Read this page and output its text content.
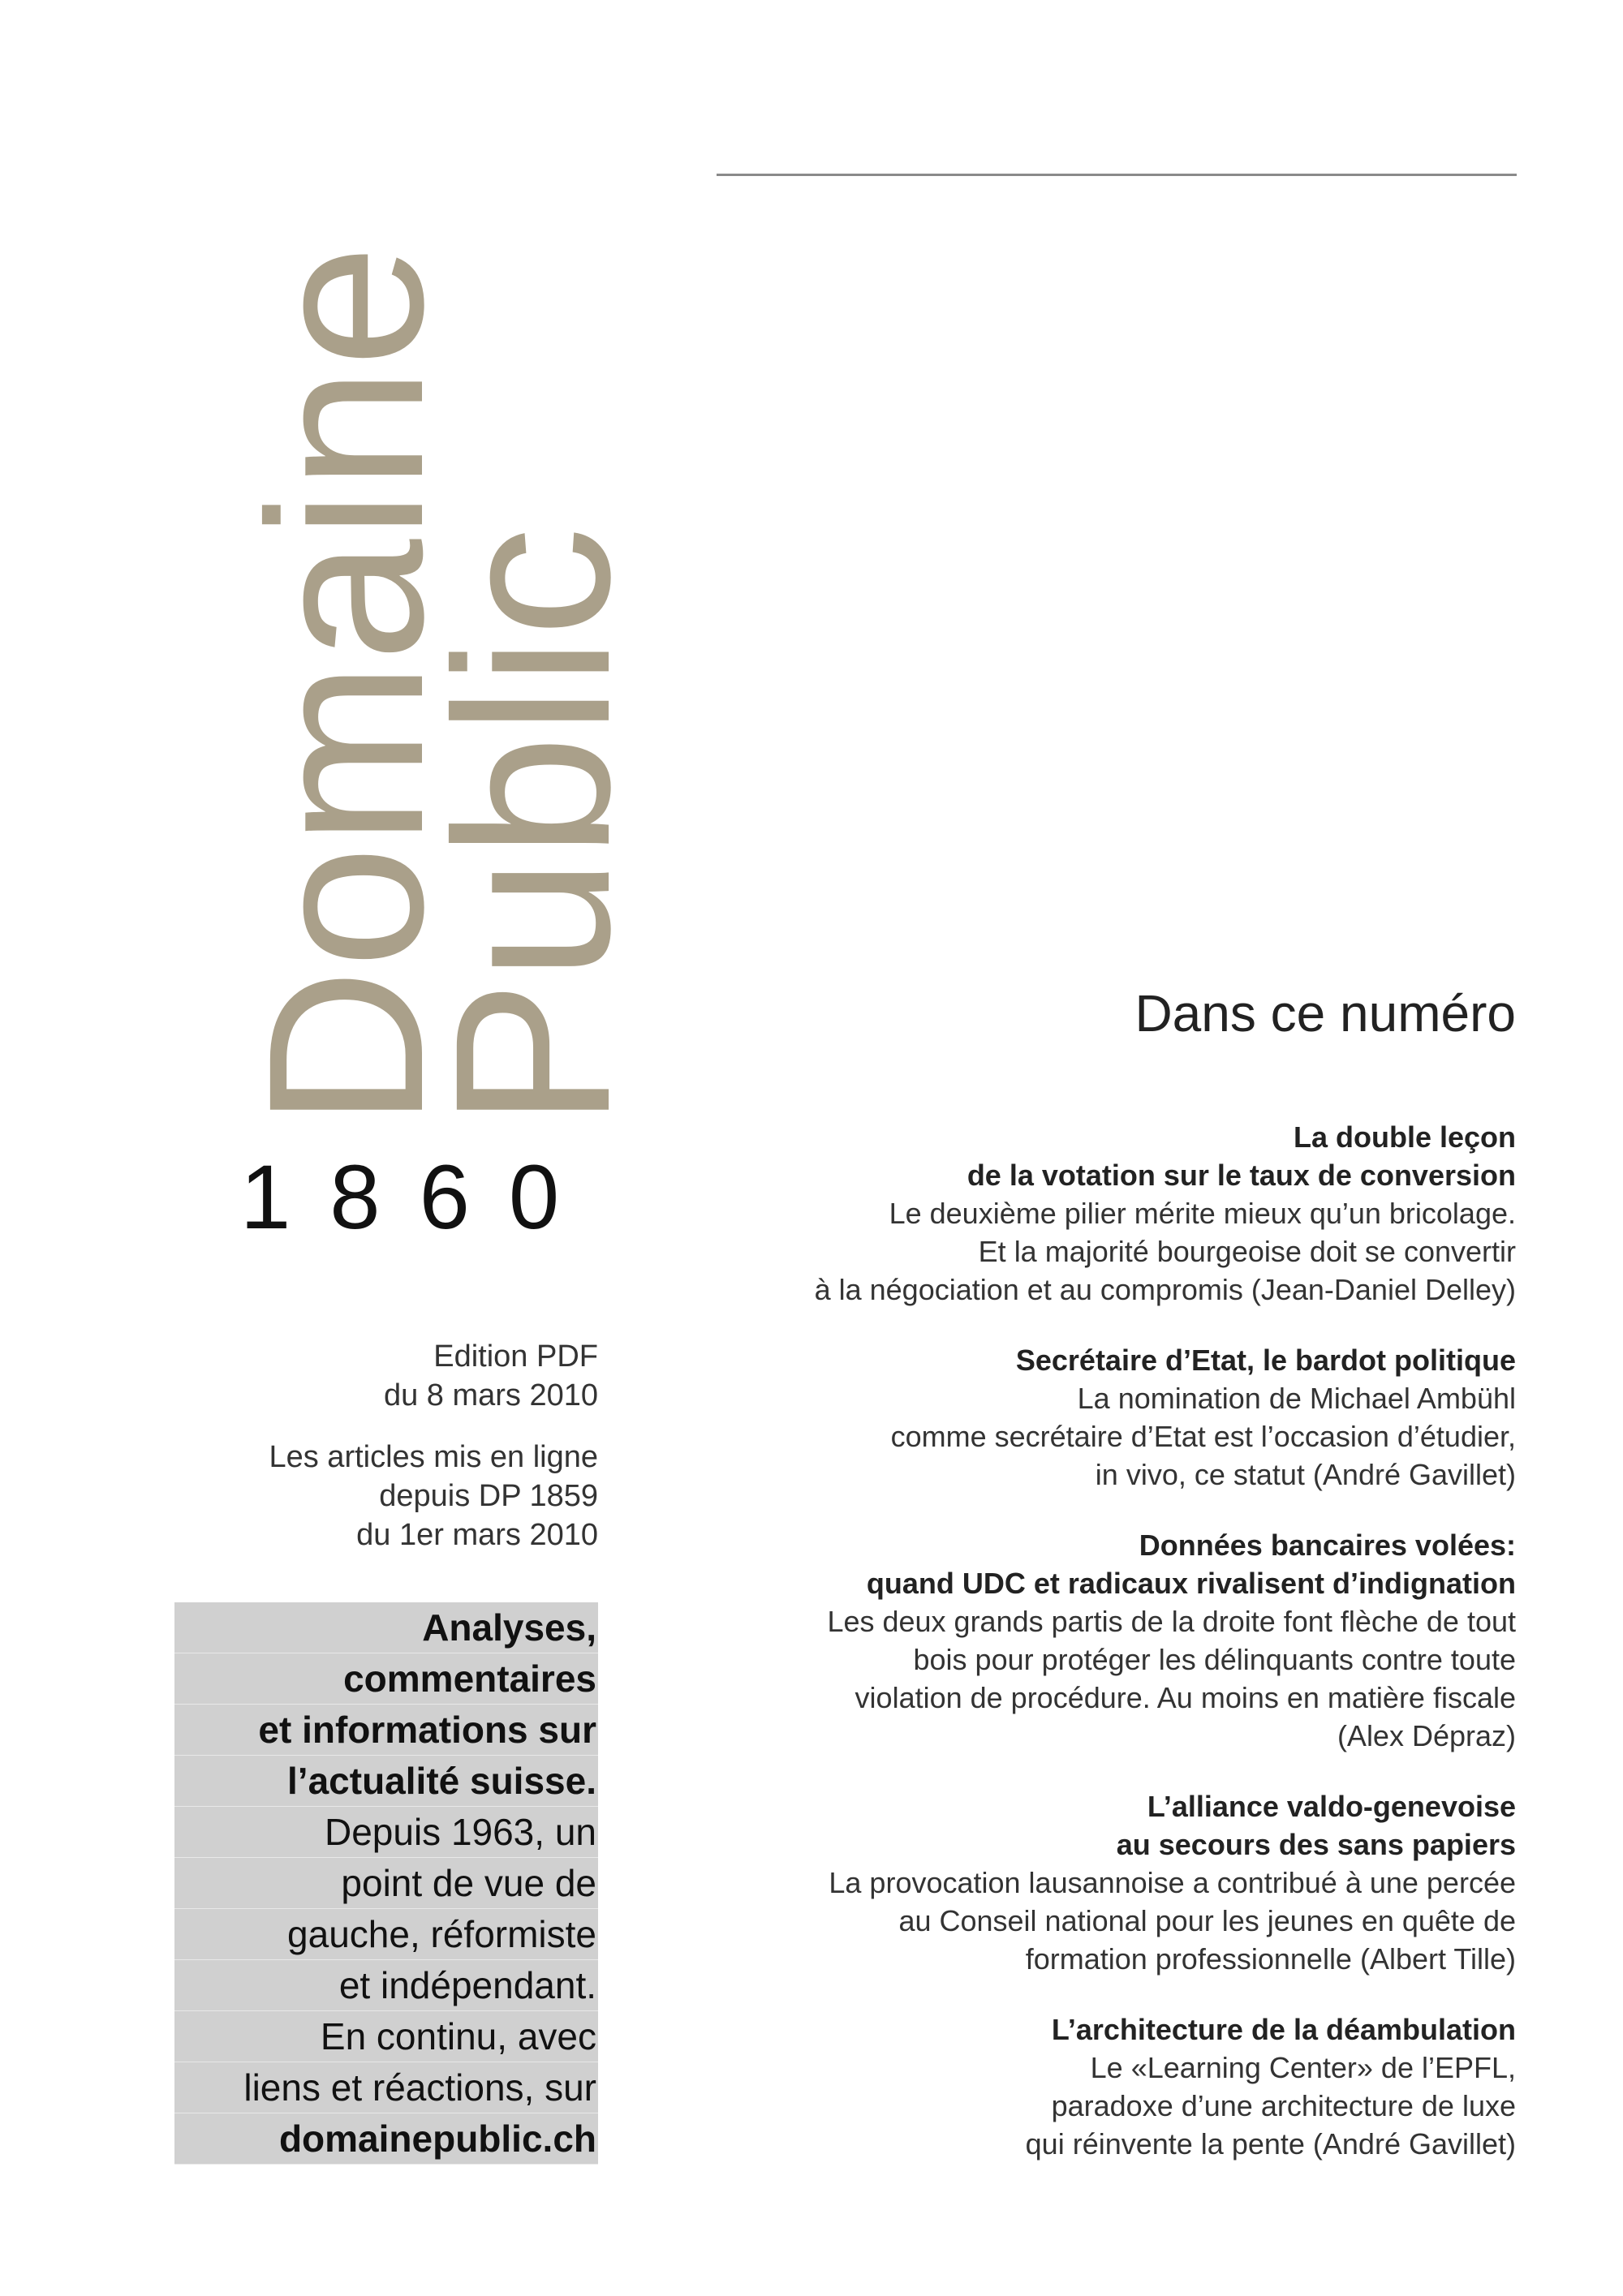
Domaine
Public
1860
Edition PDF
du 8 mars 2010
Les articles mis en ligne
depuis DP 1859
du 1er mars 2010
Analyses,
commentaires
et informations sur
l’actualité suisse.
Depuis 1963, un
point de vue de
gauche, réformiste
et indépendant.
En continu, avec
liens et réactions, sur
domainepublic.ch
Dans ce numéro
La double leçon
de la votation sur le taux de conversion
Le deuxième pilier mérite mieux qu’un bricolage.
Et la majorité bourgeoise doit se convertir
à la négociation et au compromis (Jean-Daniel Delley)
Secrétaire d’Etat, le bardot politique
La nomination de Michael Ambühl
comme secrétaire d’Etat est l’occasion d’étudier,
in vivo, ce statut (André Gavillet)
Données bancaires volées:
quand UDC et radicaux rivalisent d’indignation
Les deux grands partis de la droite font flèche de tout
bois pour protéger les délinquants contre toute
violation de procédure. Au moins en matière fiscale
(Alex Dépraz)
L’alliance valdo-genevoise
au secours des sans papiers
La provocation lausannoise a contribué à une percée
au Conseil national pour les jeunes en quête de
formation professionnelle (Albert Tille)
L’architecture de la déambulation
Le «Learning Center» de l’EPFL,
paradoxe d’une architecture de luxe
qui réinvente la pente (André Gavillet)
